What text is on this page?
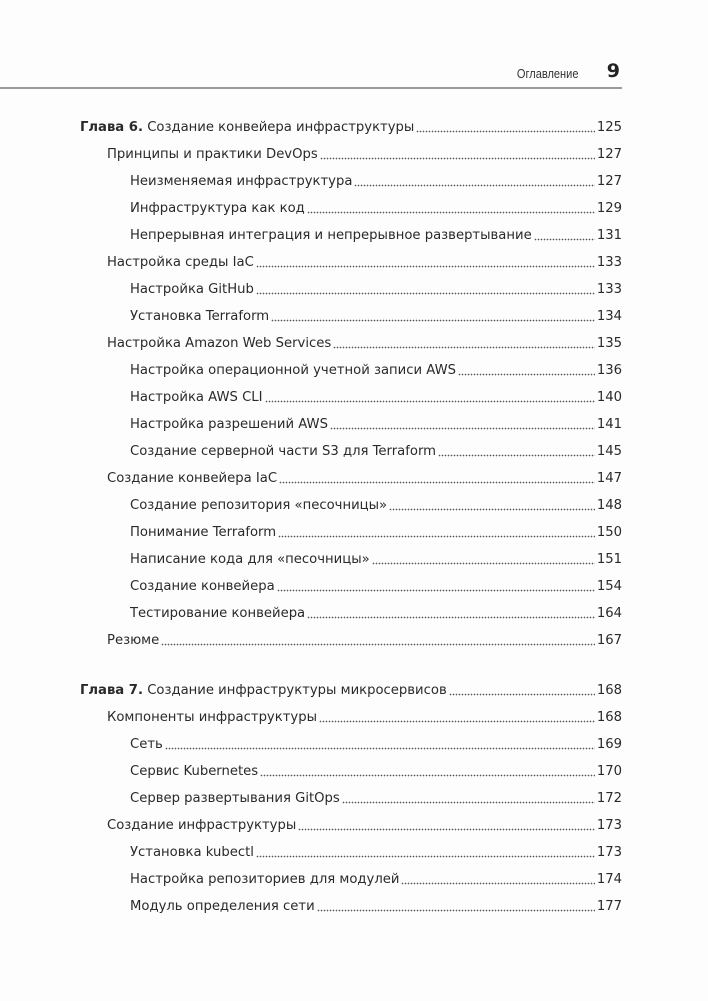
Оглавление 9
Глава 6. Создание конвейера инфраструктуры	125
Принципы и практики DevOps	127
Неизменяемая инфраструктура	127
Инфраструктура как код	129
Непрерывная интеграция и непрерывное развертывание	131
Настройка среды IaC	133
Настройка GitHub	133
Установка Terraform	134
Настройка Amazon Web Services	135
Настройка операционной учетной записи AWS	136
Настройка AWS CLI	140
Настройка разрешений AWS	141
Создание серверной части S3 для Terraform	145
Создание конвейера IaC	147
Создание репозитория «песочницы»	148
Понимание Terraform	150
Написание кода для «песочницы»	151
Создание конвейера	154
Тестирование конвейера	164
Резюме	167
Глава 7. Создание инфраструктуры микросервисов	168
Компоненты инфраструктуры	168
Сеть	169
Сервис Kubernetes	170
Сервер развертывания GitOps	172
Создание инфраструктуры	173
Установка kubectl	173
Настройка репозиториев для модулей	174
Модуль определения сети	177
